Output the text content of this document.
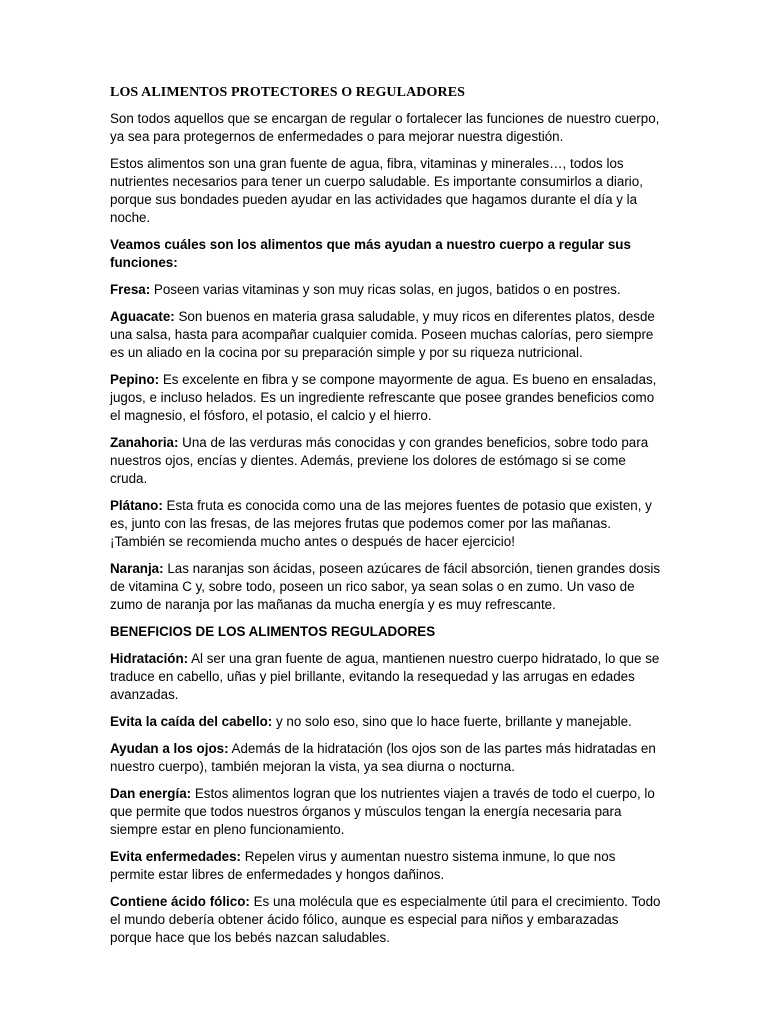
LOS ALIMENTOS PROTECTORES O REGULADORES

Son todos aquellos que se encargan de regular o fortalecer las funciones de nuestro cuerpo, ya sea para protegernos de enfermedades o para mejorar nuestra digestión.

Estos alimentos son una gran fuente de agua, fibra, vitaminas y minerales…, todos los nutrientes necesarios para tener un cuerpo saludable. Es importante consumirlos a diario, porque sus bondades pueden ayudar en las actividades que hagamos durante el día y la noche.

Veamos cuáles son los alimentos que más ayudan a nuestro cuerpo a regular sus funciones:

Fresa: Poseen varias vitaminas y son muy ricas solas, en jugos, batidos o en postres.

Aguacate: Son buenos en materia grasa saludable, y muy ricos en diferentes platos, desde una salsa, hasta para acompañar cualquier comida. Poseen muchas calorías, pero siempre es un aliado en la cocina por su preparación simple y por su riqueza nutricional.

Pepino: Es excelente en fibra y se compone mayormente de agua. Es bueno en ensaladas, jugos, e incluso helados. Es un ingrediente refrescante que posee grandes beneficios como el magnesio, el fósforo, el potasio, el calcio y el hierro.

Zanahoria: Una de las verduras más conocidas y con grandes beneficios, sobre todo para nuestros ojos, encías y dientes. Además, previene los dolores de estómago si se come cruda.

Plátano: Esta fruta es conocida como una de las mejores fuentes de potasio que existen, y es, junto con las fresas, de las mejores frutas que podemos comer por las mañanas. ¡También se recomienda mucho antes o después de hacer ejercicio!

Naranja: Las naranjas son ácidas, poseen azúcares de fácil absorción, tienen grandes dosis de vitamina C y, sobre todo, poseen un rico sabor, ya sean solas o en zumo. Un vaso de zumo de naranja por las mañanas da mucha energía y es muy refrescante.

BENEFICIOS DE LOS ALIMENTOS REGULADORES

Hidratación: Al ser una gran fuente de agua, mantienen nuestro cuerpo hidratado, lo que se traduce en cabello, uñas y piel brillante, evitando la resequedad y las arrugas en edades avanzadas.

Evita la caída del cabello: y no solo eso, sino que lo hace fuerte, brillante y manejable.

Ayudan a los ojos: Además de la hidratación (los ojos son de las partes más hidratadas en nuestro cuerpo), también mejoran la vista, ya sea diurna o nocturna.

Dan energía: Estos alimentos logran que los nutrientes viajen a través de todo el cuerpo, lo que permite que todos nuestros órganos y músculos tengan la energía necesaria para siempre estar en pleno funcionamiento.

Evita enfermedades: Repelen virus y aumentan nuestro sistema inmune, lo que nos permite estar libres de enfermedades y hongos dañinos.

Contiene ácido fólico: Es una molécula que es especialmente útil para el crecimiento. Todo el mundo debería obtener ácido fólico, aunque es especial para niños y embarazadas porque hace que los bebés nazcan saludables.
